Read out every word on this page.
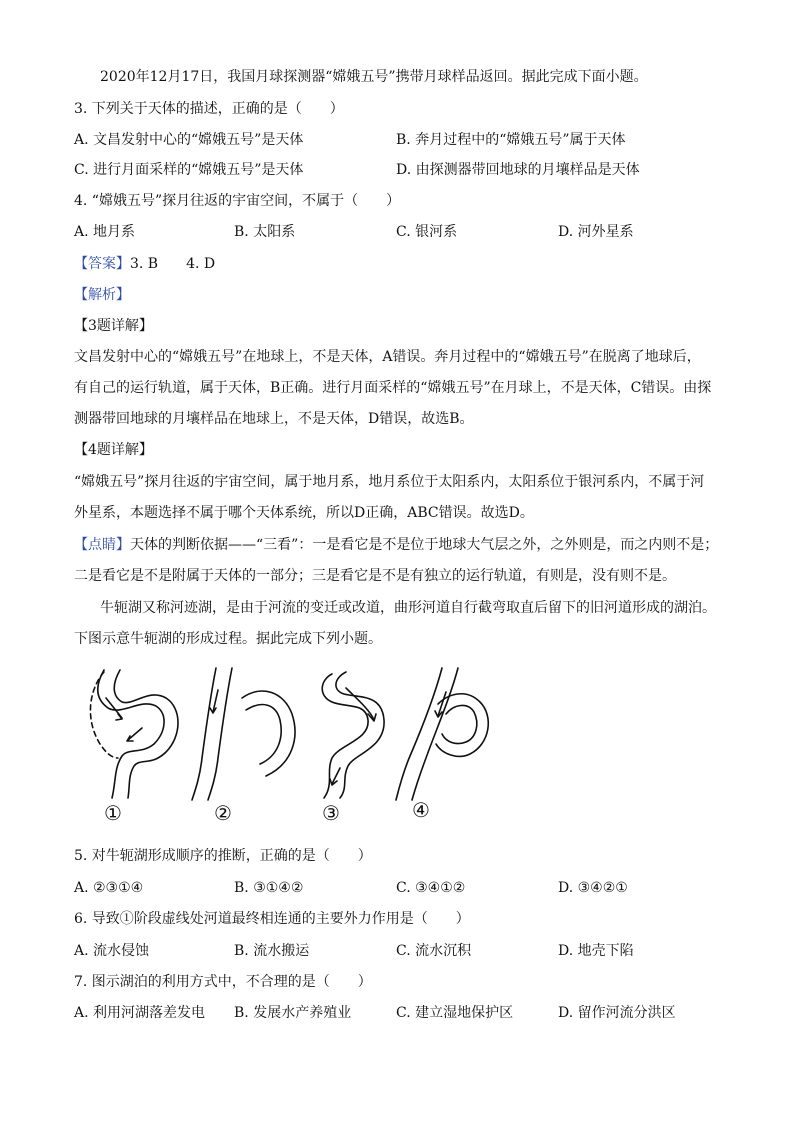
2020年12月17日，我国月球探测器“嫦娥五号”携带月球样品返回。据此完成下面小题。
3. 下列关于天体的描述，正确的是（　　）
A. 文昌发射中心的“嫦娥五号”是天体	B. 奔月过程中的“嫦娥五号”属于天体
C. 进行月面采样的“嫦娥五号”是天体	D. 由探测器带回地球的月壤样品是天体
4. “嫦娥五号”探月往返的宇宙空间，不属于（　　）
A. 地月系	B. 太阳系	C. 银河系	D. 河外星系
【答案】3. B　　4. D
【解析】
【3题详解】
文昌发射中心的“嫦娥五号”在地球上，不是天体，A错误。奔月过程中的“嫦娥五号”在脱离了地球后，
有自己的运行轨道，属于天体，B正确。进行月面采样的“嫦娥五号”在月球上，不是天体，C错误。由探
测器带回地球的月壤样品在地球上，不是天体，D错误，故选B。
【4题详解】
“嫦娥五号”探月往返的宇宙空间，属于地月系，地月系位于太阳系内，太阳系位于银河系内，不属于河
外星系，本题选择不属于哪个天体系统，所以D正确，ABC错误。故选D。
【点睛】天体的判断依据——“三看”：一是看它是不是位于地球大气层之外，之外则是，而之内则不是；
二是看它是不是附属于天体的一部分；三是看它是不是有独立的运行轨道，有则是，没有则不是。
牛轭湖又称河迹湖，是由于河流的变迁或改道，曲形河道自行截弯取直后留下的旧河道形成的湖泊。
下图示意牛轭湖的形成过程。据此完成下列小题。
①	②	③	④
5. 对牛轭湖形成顺序的推断，正确的是（　　）
A. ②③①④	B. ③①④②	C. ③④①②	D. ③④②①
6. 导致①阶段虚线处河道最终相连通的主要外力作用是（　　）
A. 流水侵蚀	B. 流水搬运	C. 流水沉积	D. 地壳下陷
7. 图示湖泊的利用方式中，不合理的是（　　）
A. 利用河湖落差发电 B. 发展水产养殖业	C. 建立湿地保护区	D. 留作河流分洪区
